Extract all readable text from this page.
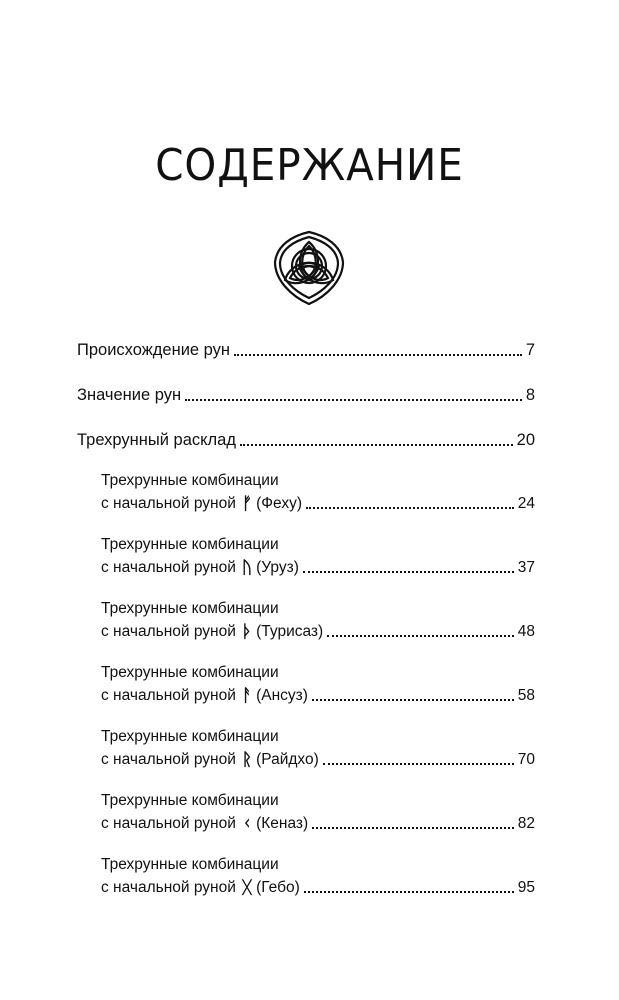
СОДЕРЖАНИЕ
Происхождение рун	7
Значение рун	8
Трехрунный расклад	20
Трехрунные комбинации
с начальной руной ᚠ (Феху)	24
Трехрунные комбинации
с начальной руной ᚢ (Уруз)	37
Трехрунные комбинации
с начальной руной ᚦ (Турисаз)	48
Трехрунные комбинации
с начальной руной ᚨ (Ансуз)	58
Трехрунные комбинации
с начальной руной ᚱ (Райдхо)	70
Трехрунные комбинации
с начальной руной ᚲ (Кеназ)	82
Трехрунные комбинации
с начальной руной ᚷ (Гебо)	95
